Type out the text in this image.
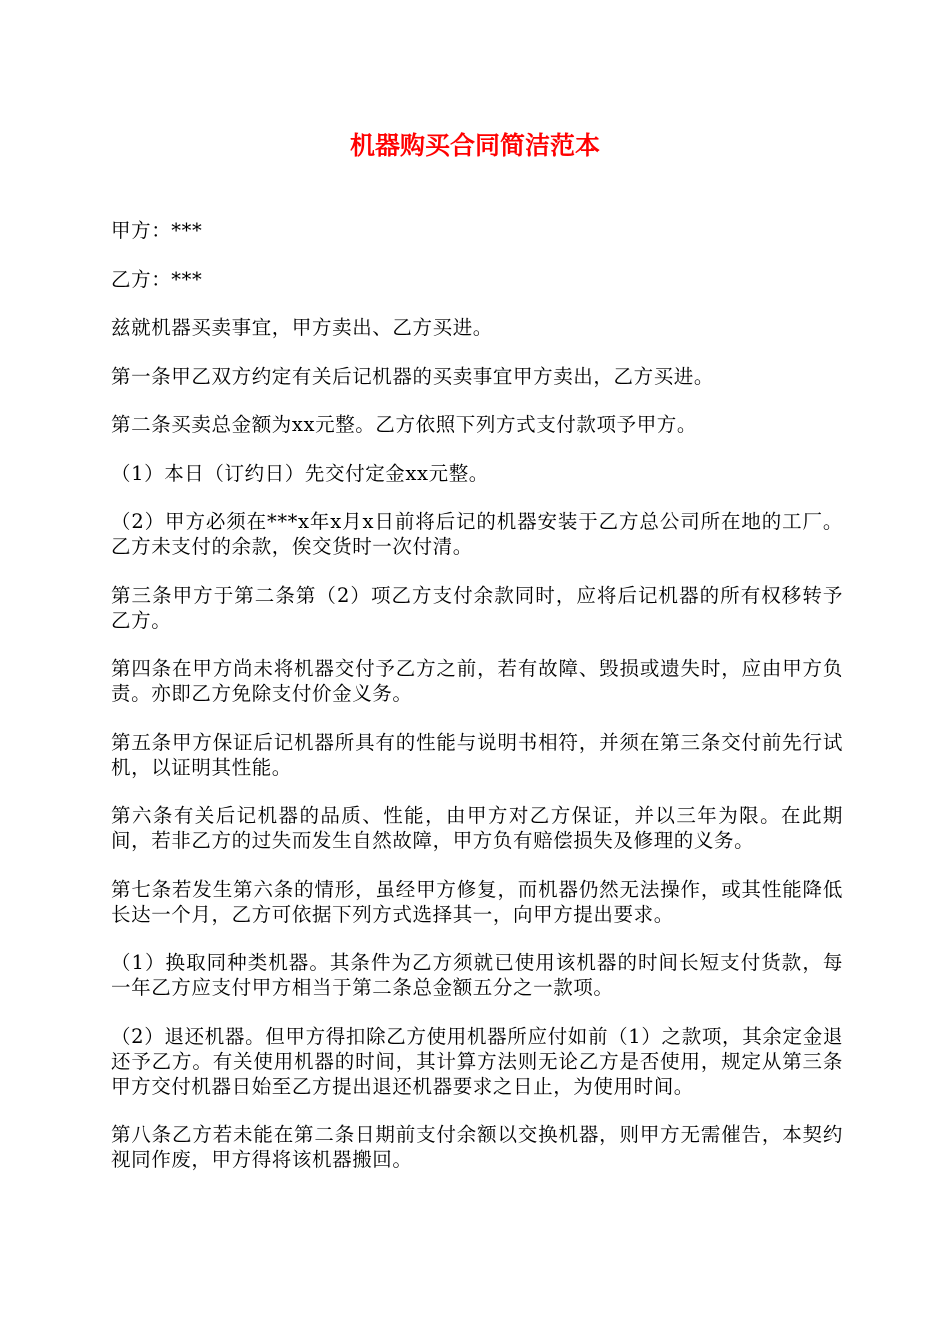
机器购买合同简洁范本

甲方：***

乙方：***

兹就机器买卖事宜，甲方卖出、乙方买进。

第一条甲乙双方约定有关后记机器的买卖事宜甲方卖出，乙方买进。

第二条买卖总金额为xx元整。乙方依照下列方式支付款项予甲方。

（1）本日（订约日）先交付定金xx元整。

（2）甲方必须在***x年x月x日前将后记的机器安装于乙方总公司所在地的工厂。乙方未支付的余款，俟交货时一次付清。

第三条甲方于第二条第（2）项乙方支付余款同时，应将后记机器的所有权移转予乙方。

第四条在甲方尚未将机器交付予乙方之前，若有故障、毁损或遗失时，应由甲方负责。亦即乙方免除支付价金义务。

第五条甲方保证后记机器所具有的性能与说明书相符，并须在第三条交付前先行试机，以证明其性能。

第六条有关后记机器的品质、性能，由甲方对乙方保证，并以三年为限。在此期间，若非乙方的过失而发生自然故障，甲方负有赔偿损失及修理的义务。

第七条若发生第六条的情形，虽经甲方修复，而机器仍然无法操作，或其性能降低长达一个月，乙方可依据下列方式选择其一，向甲方提出要求。

（1）换取同种类机器。其条件为乙方须就已使用该机器的时间长短支付货款，每一年乙方应支付甲方相当于第二条总金额五分之一款项。

（2）退还机器。但甲方得扣除乙方使用机器所应付如前（1）之款项，其余定金退还予乙方。有关使用机器的时间，其计算方法则无论乙方是否使用，规定从第三条甲方交付机器日始至乙方提出退还机器要求之日止，为使用时间。

第八条乙方若未能在第二条日期前支付余额以交换机器，则甲方无需催告，本契约视同作废，甲方得将该机器搬回。
